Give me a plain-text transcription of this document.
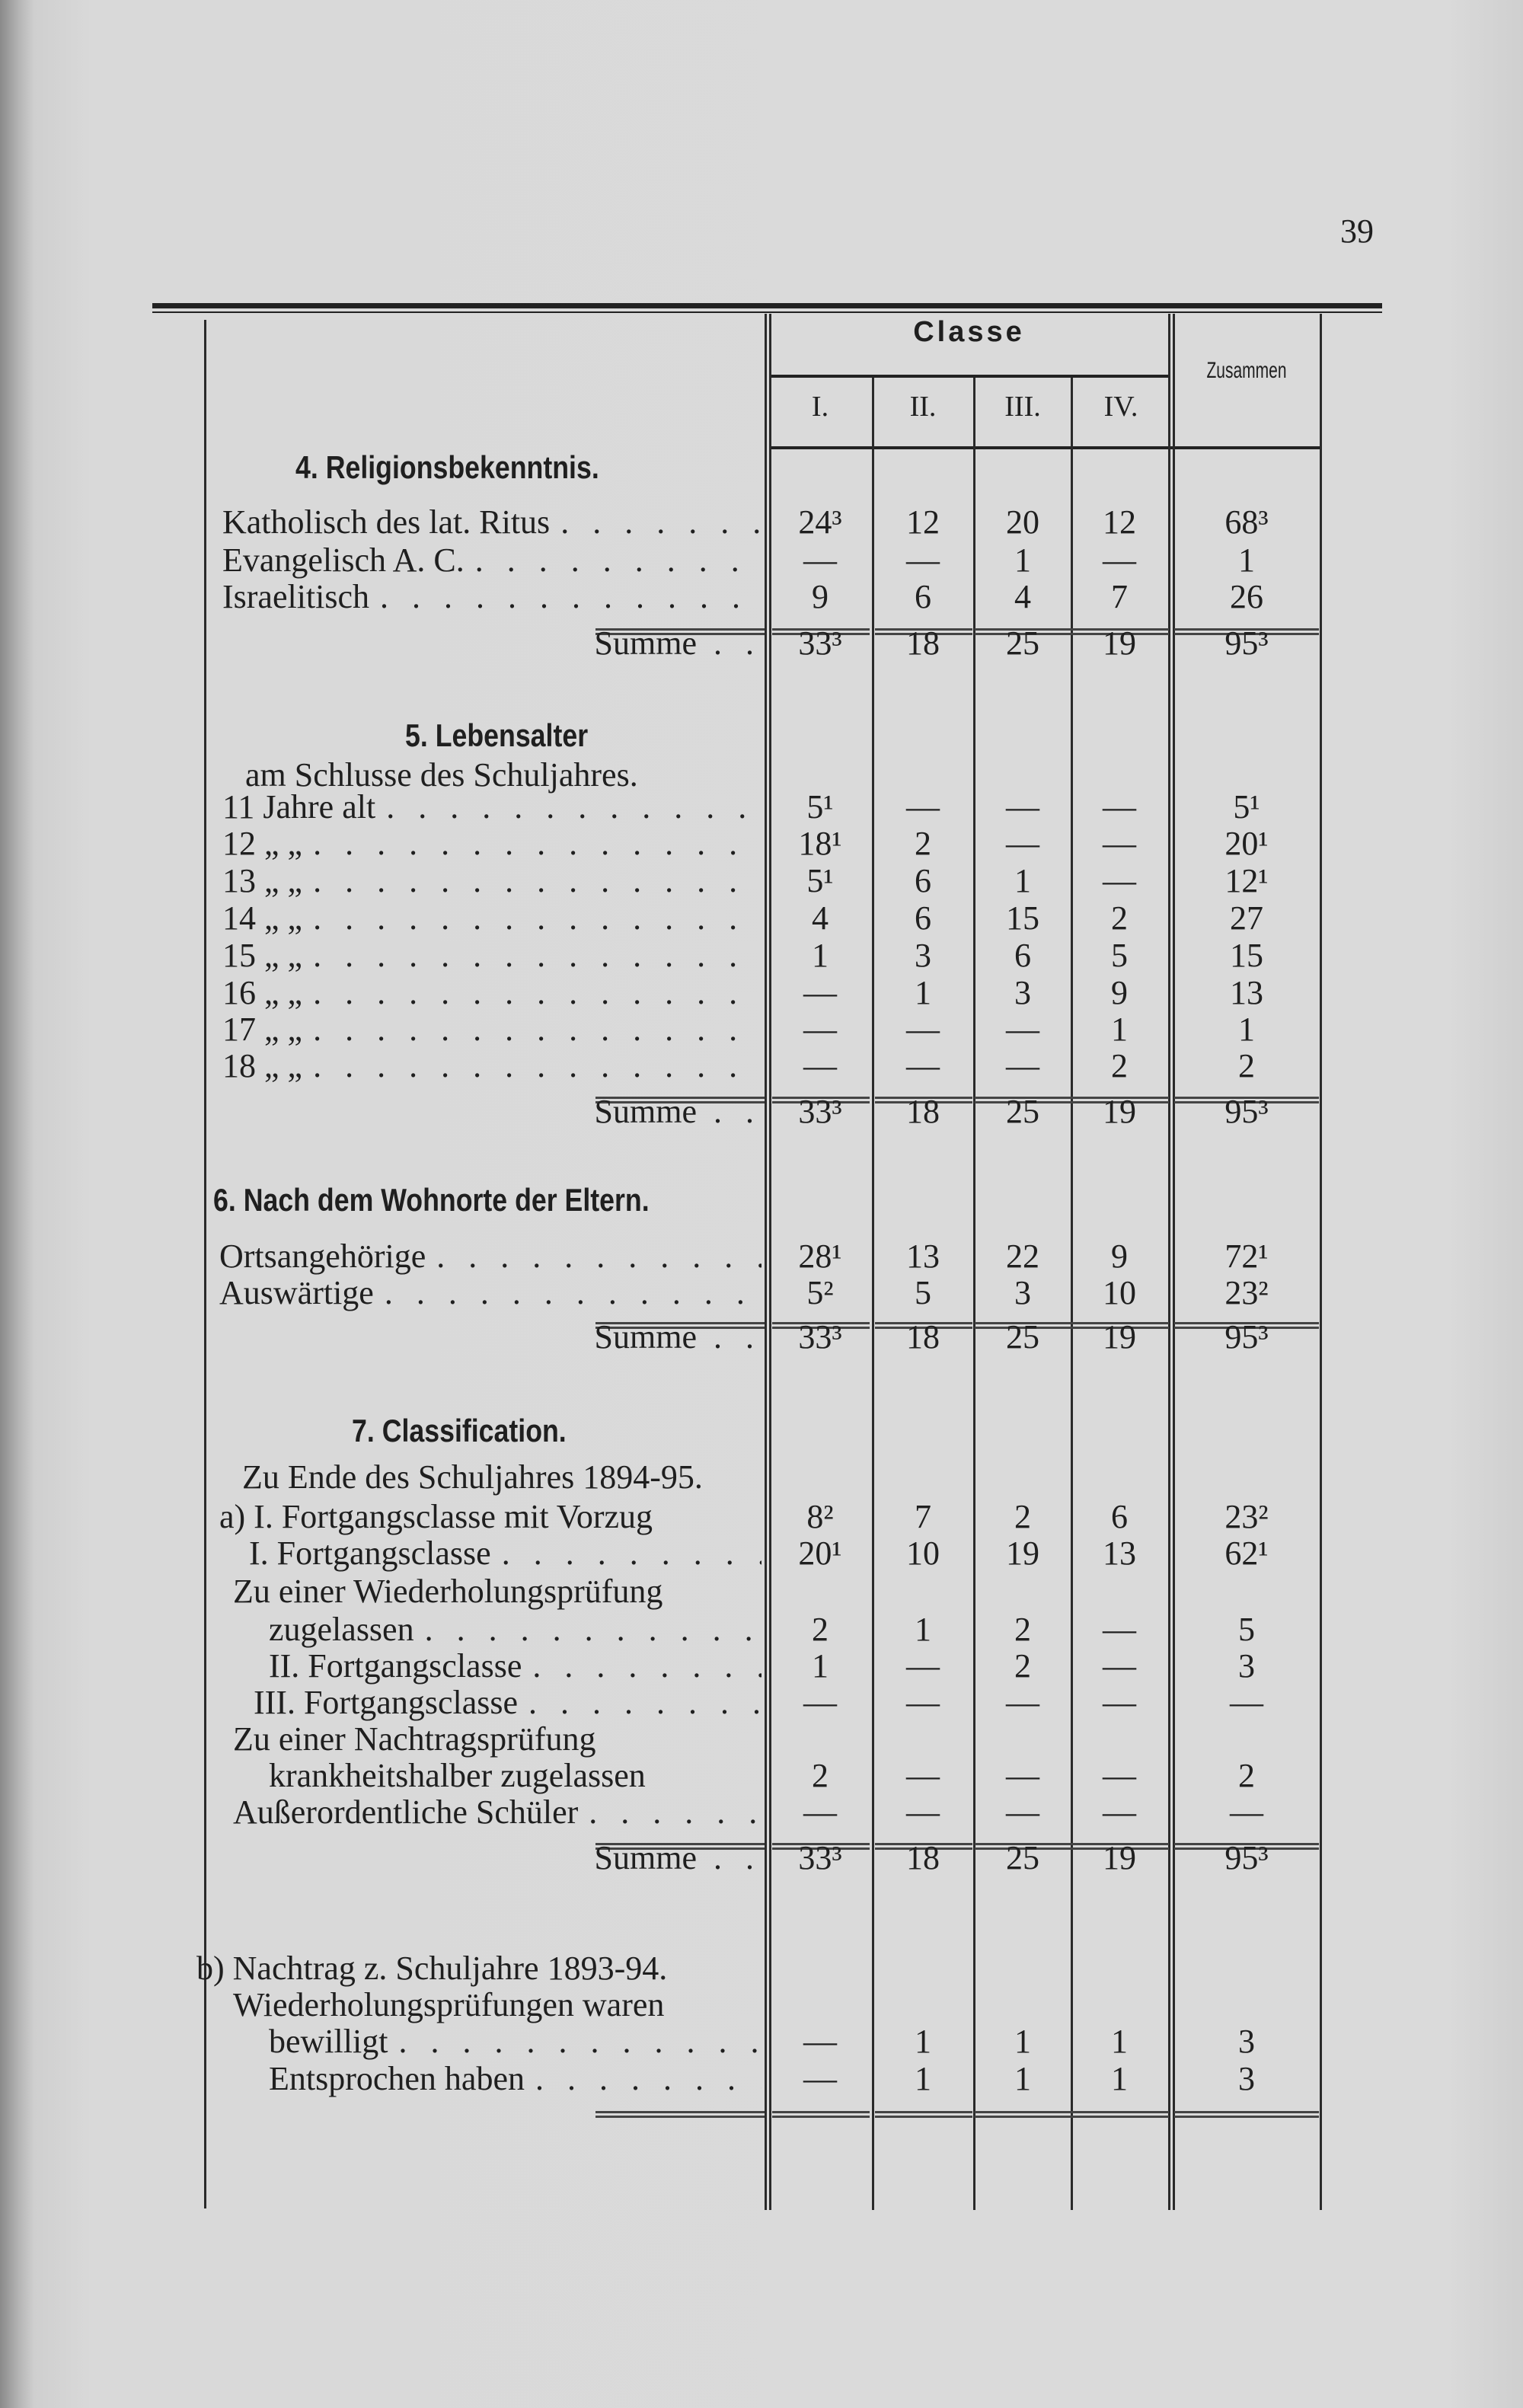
39
Classe
I.	II.	III.	IV.
Zusammen
4. Religionsbekenntnis.
Katholisch des lat. Ritus . . .	24³	12	20	12	68³
Evangelisch A. C. . . .	—	—	1	—	1
Israelitisch . . .	9	6	4	7	26
Summe . .	33³	18	25	19	95³
5. Lebensalter
am Schlusse des Schuljahres.
11 Jahre alt . . .	5¹	—	—	—	5¹
12 „ „ . . .	18¹	2	—	—	20¹
13 „ „ . . .	5¹	6	1	—	12¹
14 „ „ . . .	4	6	15	2	27
15 „ „ . . .	1	3	6	5	15
16 „ „ . . .	—	1	3	9	13
17 „ „ . . .	—	—	—	1	1
18 „ „ . . .	—	—	—	2	2
Summe . .	33³	18	25	19	95³
6. Nach dem Wohnorte der Eltern.
Ortsangehörige . . .	28¹	13	22	9	72¹
Auswärtige . . .	5²	5	3	10	23²
Summe . .	33³	18	25	19	95³
7. Classification.
Zu Ende des Schuljahres 1894-95.
a) I. Fortgangsclasse mit Vorzug	8²	7	2	6	23²
I. Fortgangsclasse . . .	20¹	10	19	13	62¹
Zu einer Wiederholungsprüfung
zugelassen . . .	2	1	2	—	5
II. Fortgangsclasse . . .	1	—	2	—	3
III. Fortgangsclasse . . .	—	—	—	—	—
Zu einer Nachtragsprüfung
krankheitshalber zugelassen	2	—	—	—	2
Außerordentliche Schüler . . .	—	—	—	—	—
Summe . .	33³	18	25	19	95³
b) Nachtrag z. Schuljahre 1893-94.
Wiederholungsprüfungen waren
bewilligt . . .	—	1	1	1	3
Entsprochen haben . . .	—	1	1	1	3
